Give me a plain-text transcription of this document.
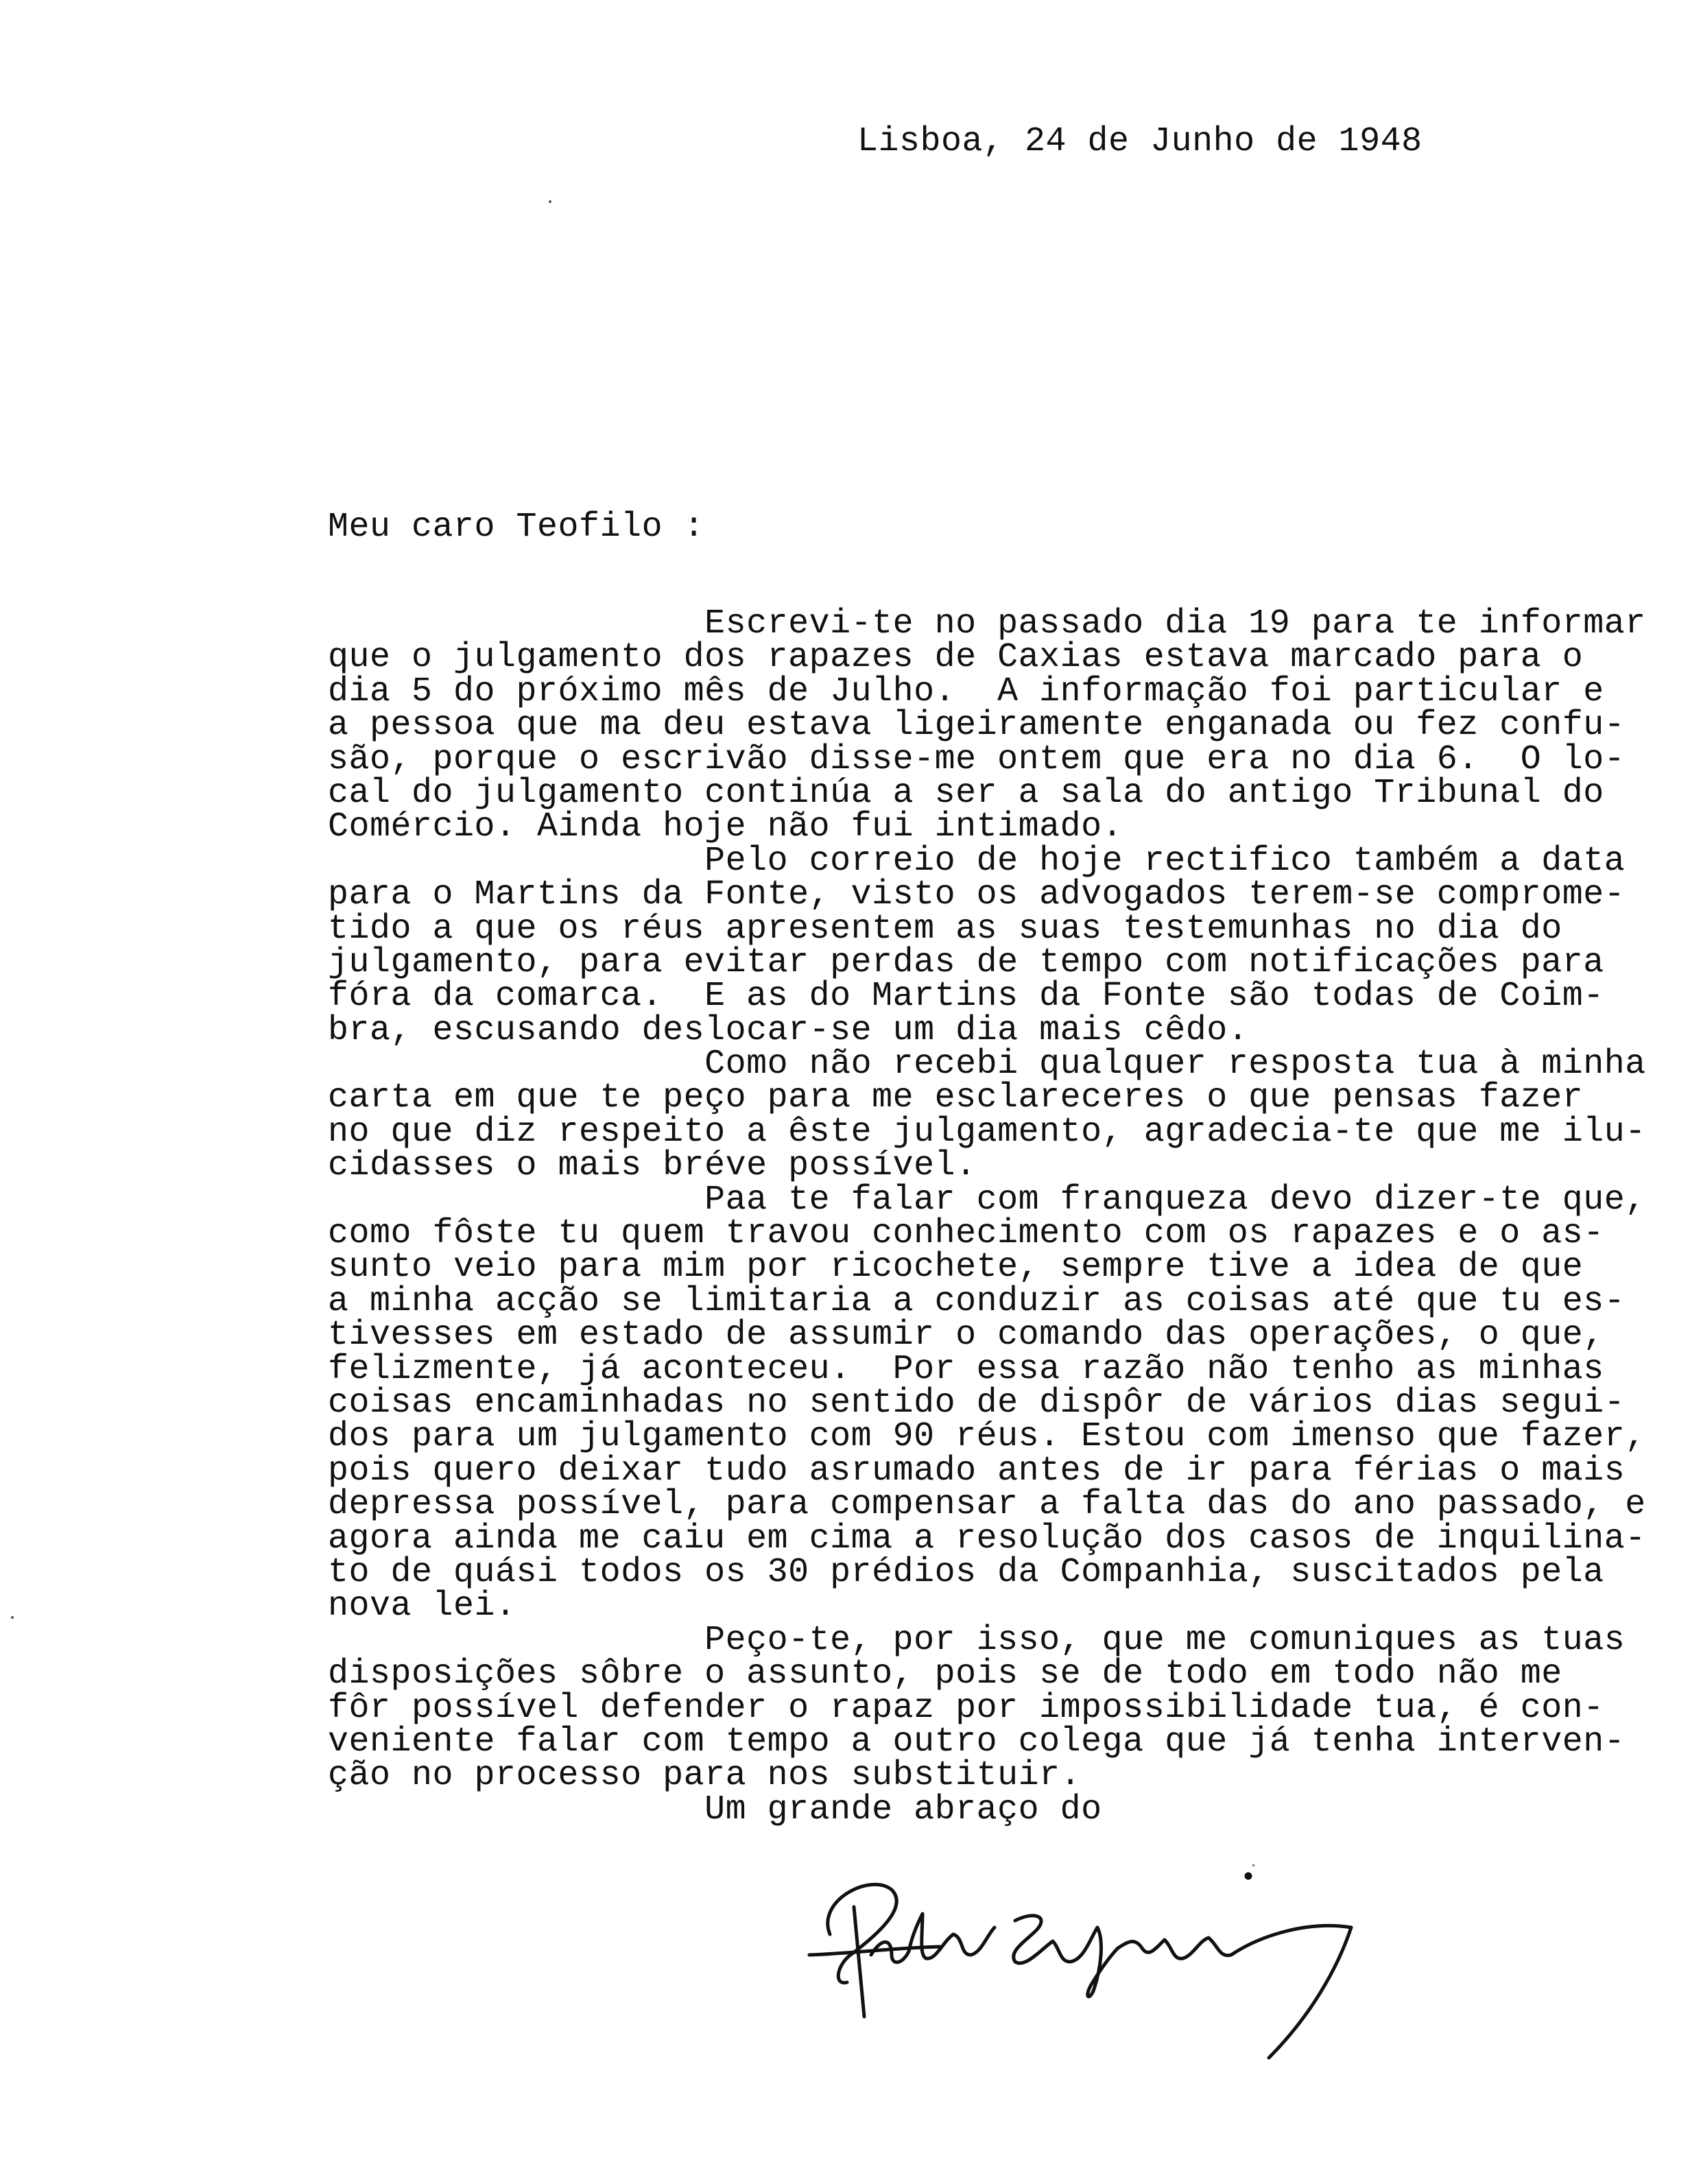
Lisboa, 24 de Junho de 1948
Meu caro Teofilo :
Escrevi-te no passado dia 19 para te informar
que o julgamento dos rapazes de Caxias estava marcado para o
dia 5 do próximo mês de Julho.  A informação foi particular e
a pessoa que ma deu estava ligeiramente enganada ou fez confu-
são, porque o escrivão disse-me ontem que era no dia 6.  O lo-
cal do julgamento continúa a ser a sala do antigo Tribunal do
Comércio. Ainda hoje não fui intimado.
Pelo correio de hoje rectifico também a data
para o Martins da Fonte, visto os advogados terem-se comprome-
tido a que os réus apresentem as suas testemunhas no dia do
julgamento, para evitar perdas de tempo com notificações para
fóra da comarca.  E as do Martins da Fonte são todas de Coim-
bra, escusando deslocar-se um dia mais cêdo.
Como não recebi qualquer resposta tua à minha
carta em que te peço para me esclareceres o que pensas fazer
no que diz respeito a êste julgamento, agradecia-te que me ilu-
cidasses o mais bréve possível.
Paa te falar com franqueza devo dizer-te que,
como fôste tu quem travou conhecimento com os rapazes e o as-
sunto veio para mim por ricochete, sempre tive a idea de que
a minha acção se limitaria a conduzir as coisas até que tu es-
tivesses em estado de assumir o comando das operações, o que,
felizmente, já aconteceu.  Por essa razão não tenho as minhas
coisas encaminhadas no sentido de dispôr de vários dias segui-
dos para um julgamento com 90 réus. Estou com imenso que fazer,
pois quero deixar tudo asrumado antes de ir para férias o mais
depressa possível, para compensar a falta das do ano passado, e
agora ainda me caiu em cima a resolução dos casos de inquilina-
to de quási todos os 30 prédios da Companhia, suscitados pela
nova lei.
Peço-te, por isso, que me comuniques as tuas
disposições sôbre o assunto, pois se de todo em todo não me
fôr possível defender o rapaz por impossibilidade tua, é con-
veniente falar com tempo a outro colega que já tenha interven-
ção no processo para nos substituir.
Um grande abraço do
